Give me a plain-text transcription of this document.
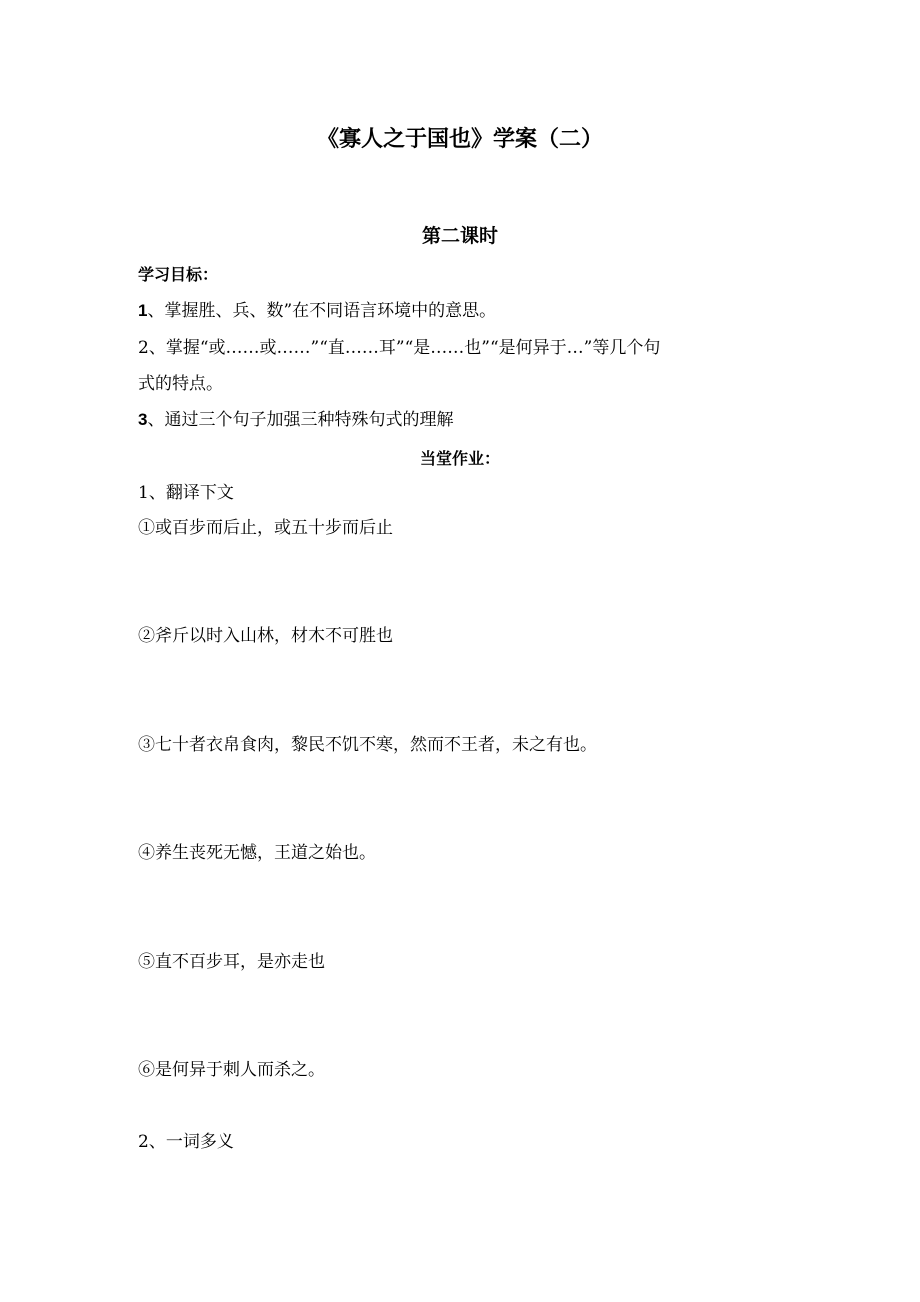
《寡人之于国也》学案（二）
第二课时
学习目标：
1、掌握胜、兵、数”在不同语言环境中的意思。
2、掌握“或……或……”“直……耳”“是……也”“是何异于…”等几个句
式的特点。
3、通过三个句子加强三种特殊句式的理解
当堂作业：
1、翻译下文
①或百步而后止，或五十步而后止
②斧斤以时入山林，材木不可胜也
③七十者衣帛食肉，黎民不饥不寒，然而不王者，未之有也。
④养生丧死无憾，王道之始也。
⑤直不百步耳，是亦走也
⑥是何异于刺人而杀之。
2、一词多义
